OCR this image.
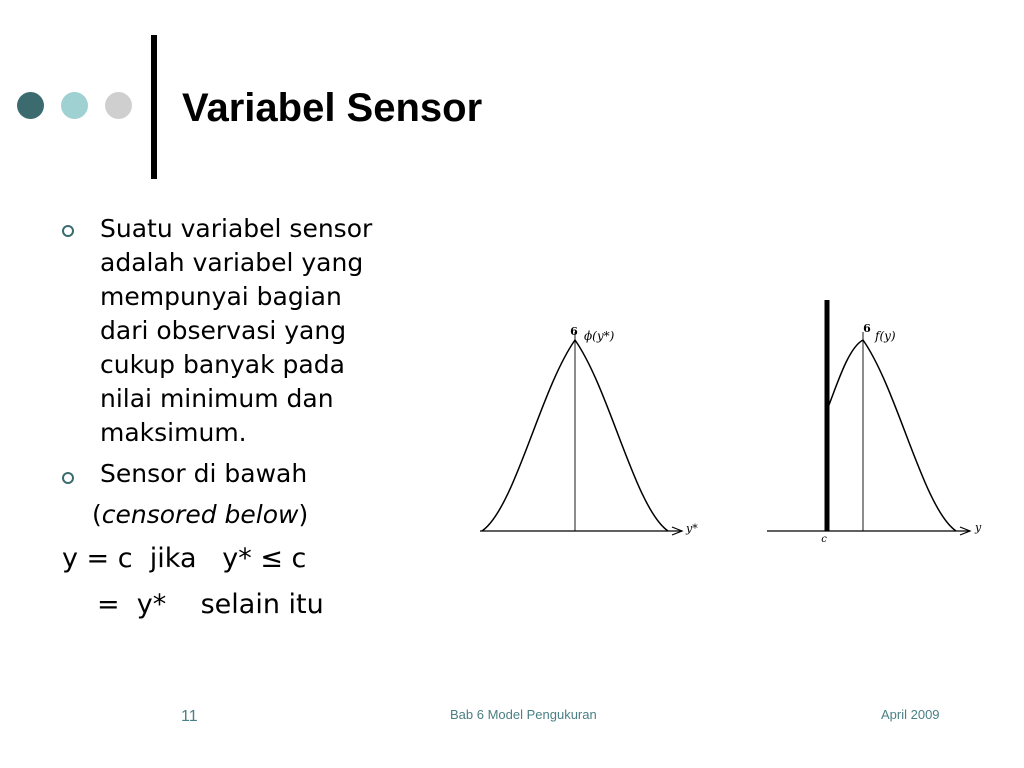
Variabel Sensor
Suatu variabel sensor
adalah variabel yang
mempunyai bagian
dari observasi yang
cukup banyak pada
nilai minimum dan
maksimum.
Sensor di bawah
(censored below)
y = c  jika   y* ≤ c
=  y*    selain itu
6 ϕ(y*)
y*
6
f(y)
y
c
11	Bab 6 Model Pengukuran	April 2009
